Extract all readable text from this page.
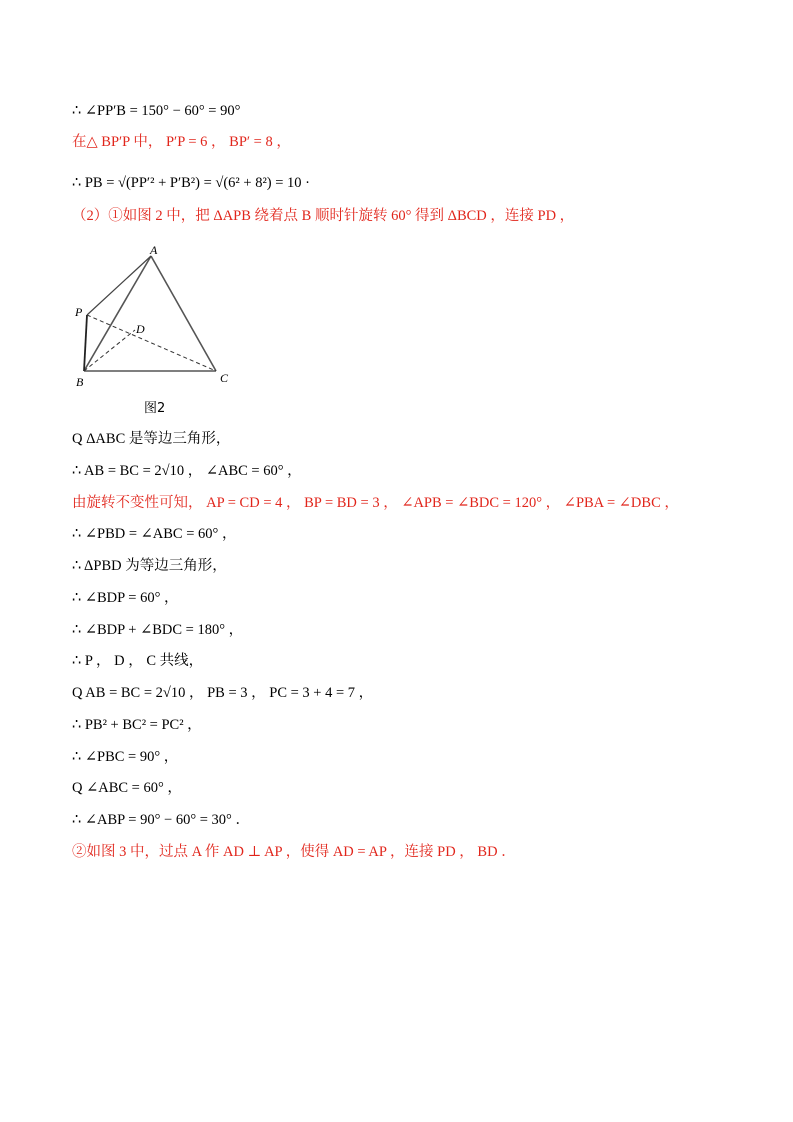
∴ ∠PP′B = 150° − 60° = 90°
在△ BP′P 中， P′P = 6 ， BP′ = 8 ，
∴ PB = √(PP′² + P′B²) = √(6² + 8²) = 10 ·
（2）①如图 2 中，把 ΔAPB 绕着点 B 顺时针旋转 60° 得到 ΔBCD ，连接 PD ，
A
P
D
B	C
图2
Q ΔABC 是等边三角形，
∴ AB = BC = 2√10 ， ∠ABC = 60° ，
由旋转不变性可知， AP = CD = 4 ， BP = BD = 3 ， ∠APB = ∠BDC = 120° ， ∠PBA = ∠DBC ，
∴ ∠PBD = ∠ABC = 60° ，
∴ ΔPBD 为等边三角形，
∴ ∠BDP = 60° ，
∴ ∠BDP + ∠BDC = 180° ，
∴ P ， D ， C 共线，
Q AB = BC = 2√10 ， PB = 3 ， PC = 3 + 4 = 7 ，
∴ PB² + BC² = PC² ，
∴ ∠PBC = 90° ，
Q ∠ABC = 60° ，
∴ ∠ABP = 90° − 60° = 30° ．
②如图 3 中，过点 A 作 AD ⊥ AP ，使得 AD = AP ，连接 PD ， BD ．
